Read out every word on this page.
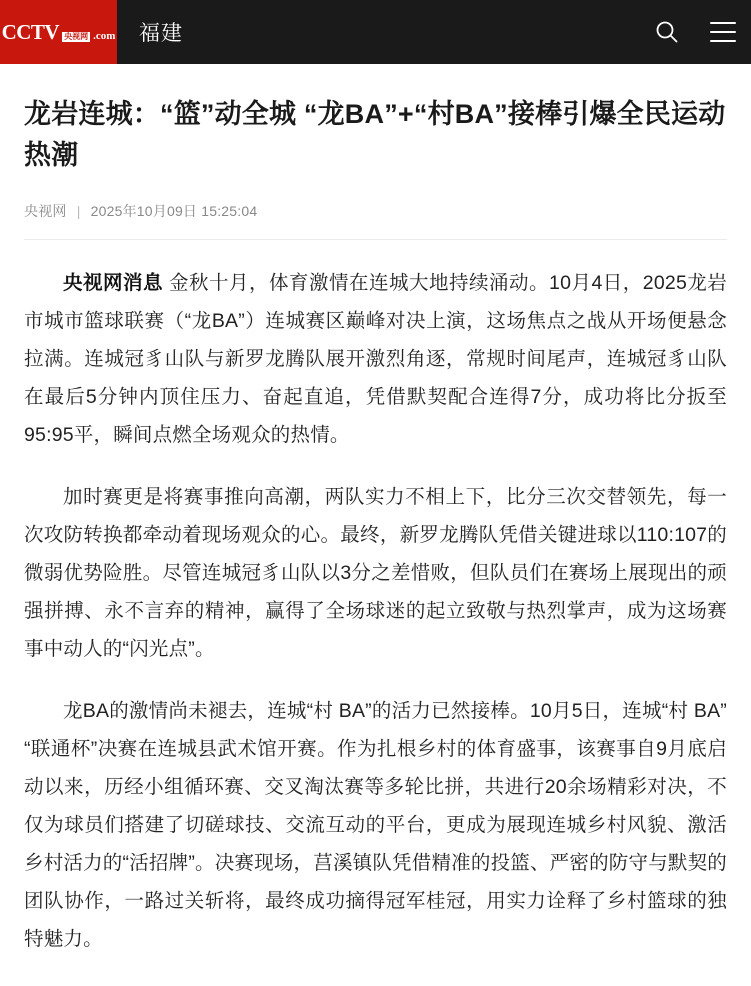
CCTV 央视网 .com 福建
龙岩连城：“篮”动全城 “龙BA”+“村BA”接棒引爆全民运动热潮
央视网 | 2025年10月09日 15:25:04

央视网消息 金秋十月，体育激情在连城大地持续涌动。10月4日，2025龙岩市城市篮球联赛（“龙BA”）连城赛区巅峰对决上演，这场焦点之战从开场便悬念拉满。连城冠豸山队与新罗龙腾队展开激烈角逐，常规时间尾声，连城冠豸山队在最后5分钟内顶住压力、奋起直追，凭借默契配合连得7分，成功将比分扳至95:95平，瞬间点燃全场观众的热情。

加时赛更是将赛事推向高潮，两队实力不相上下，比分三次交替领先，每一次攻防转换都牵动着现场观众的心。最终，新罗龙腾队凭借关键进球以110:107的微弱优势险胜。尽管连城冠豸山队以3分之差惜败，但队员们在赛场上展现出的顽强拼搏、永不言弃的精神，赢得了全场球迷的起立致敬与热烈掌声，成为这场赛事中动人的“闪光点”。

龙BA的激情尚未褪去，连城“村 BA”的活力已然接棒。10月5日，连城“村 BA”“联通杯”决赛在连城县武术馆开赛。作为扎根乡村的体育盛事，该赛事自9月底启动以来，历经小组循环赛、交叉淘汰赛等多轮比拼，共进行20余场精彩对决，不仅为球员们搭建了切磋球技、交流互动的平台，更成为展现连城乡村风貌、激活乡村活力的“活招牌”。决赛现场，莒溪镇队凭借精准的投篮、严密的防守与默契的团队协作，一路过关斩将，最终成功摘得冠军桂冠，用实力诠释了乡村篮球的独特魅力。
